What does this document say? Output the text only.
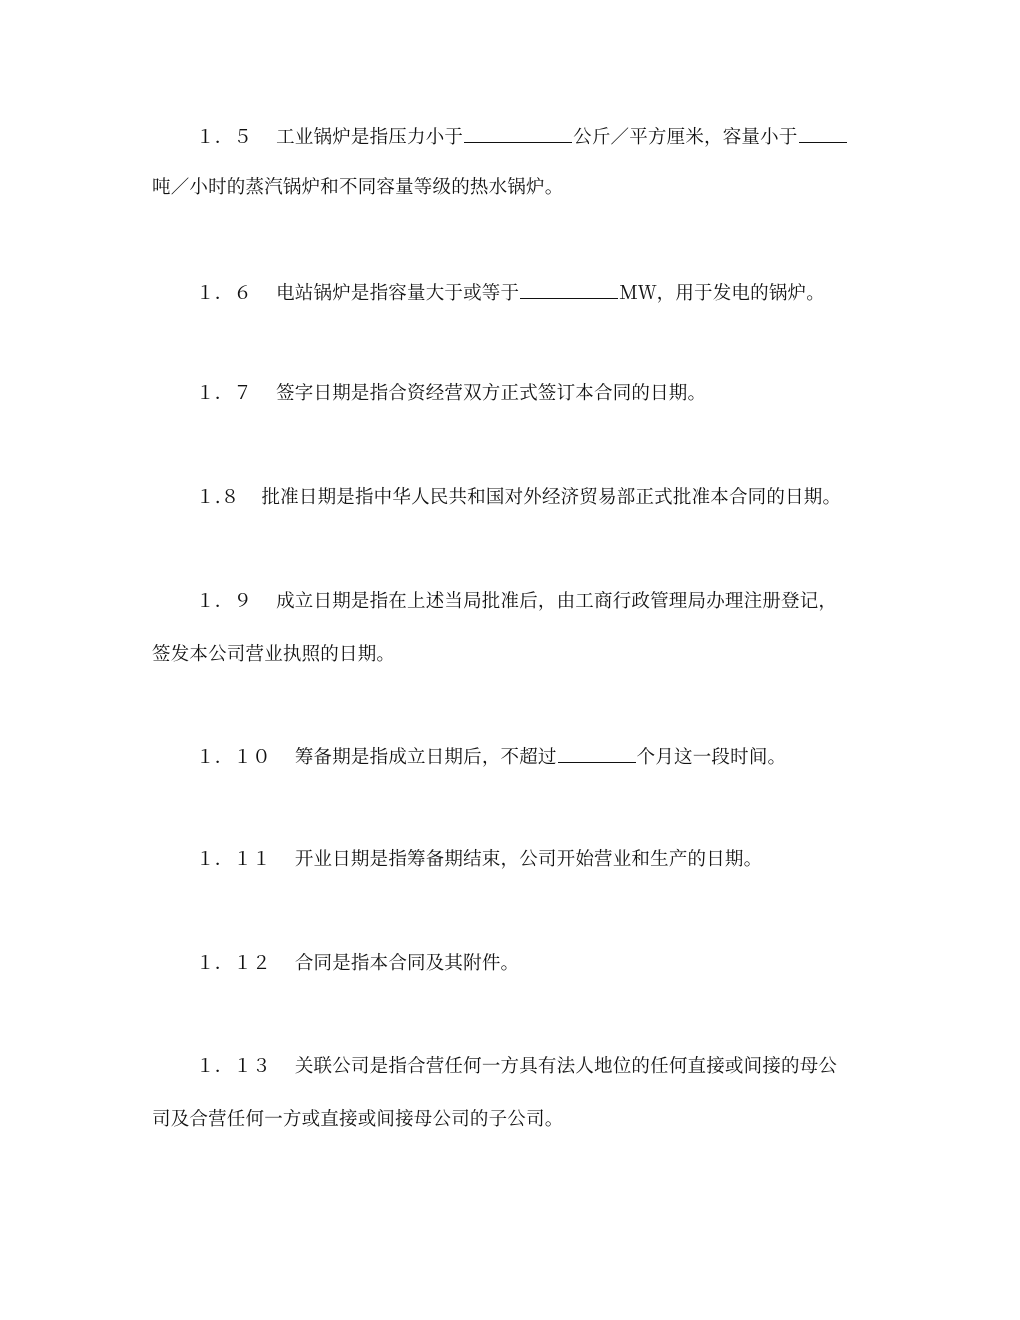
１．５ 工业锅炉是指压力小于	公斤／平方厘米，容量小于
吨／小时的蒸汽锅炉和不同容量等级的热水锅炉。
１．６ 电站锅炉是指容量大于或等于	ＭＷ，用于发电的锅炉。
１．７ 签字日期是指合资经营双方正式签订本合同的日期。
１.８ 批准日期是指中华人民共和国对外经济贸易部正式批准本合同的日期。
１．９ 成立日期是指在上述当局批准后，由工商行政管理局办理注册登记，
签发本公司营业执照的日期。
１．１０ 筹备期是指成立日期后，不超过	个月这一段时间。
１．１１ 开业日期是指筹备期结束，公司开始营业和生产的日期。
１．１２ 合同是指本合同及其附件。
１．１３ 关联公司是指合营任何一方具有法人地位的任何直接或间接的母公
司及合营任何一方或直接或间接母公司的子公司。
